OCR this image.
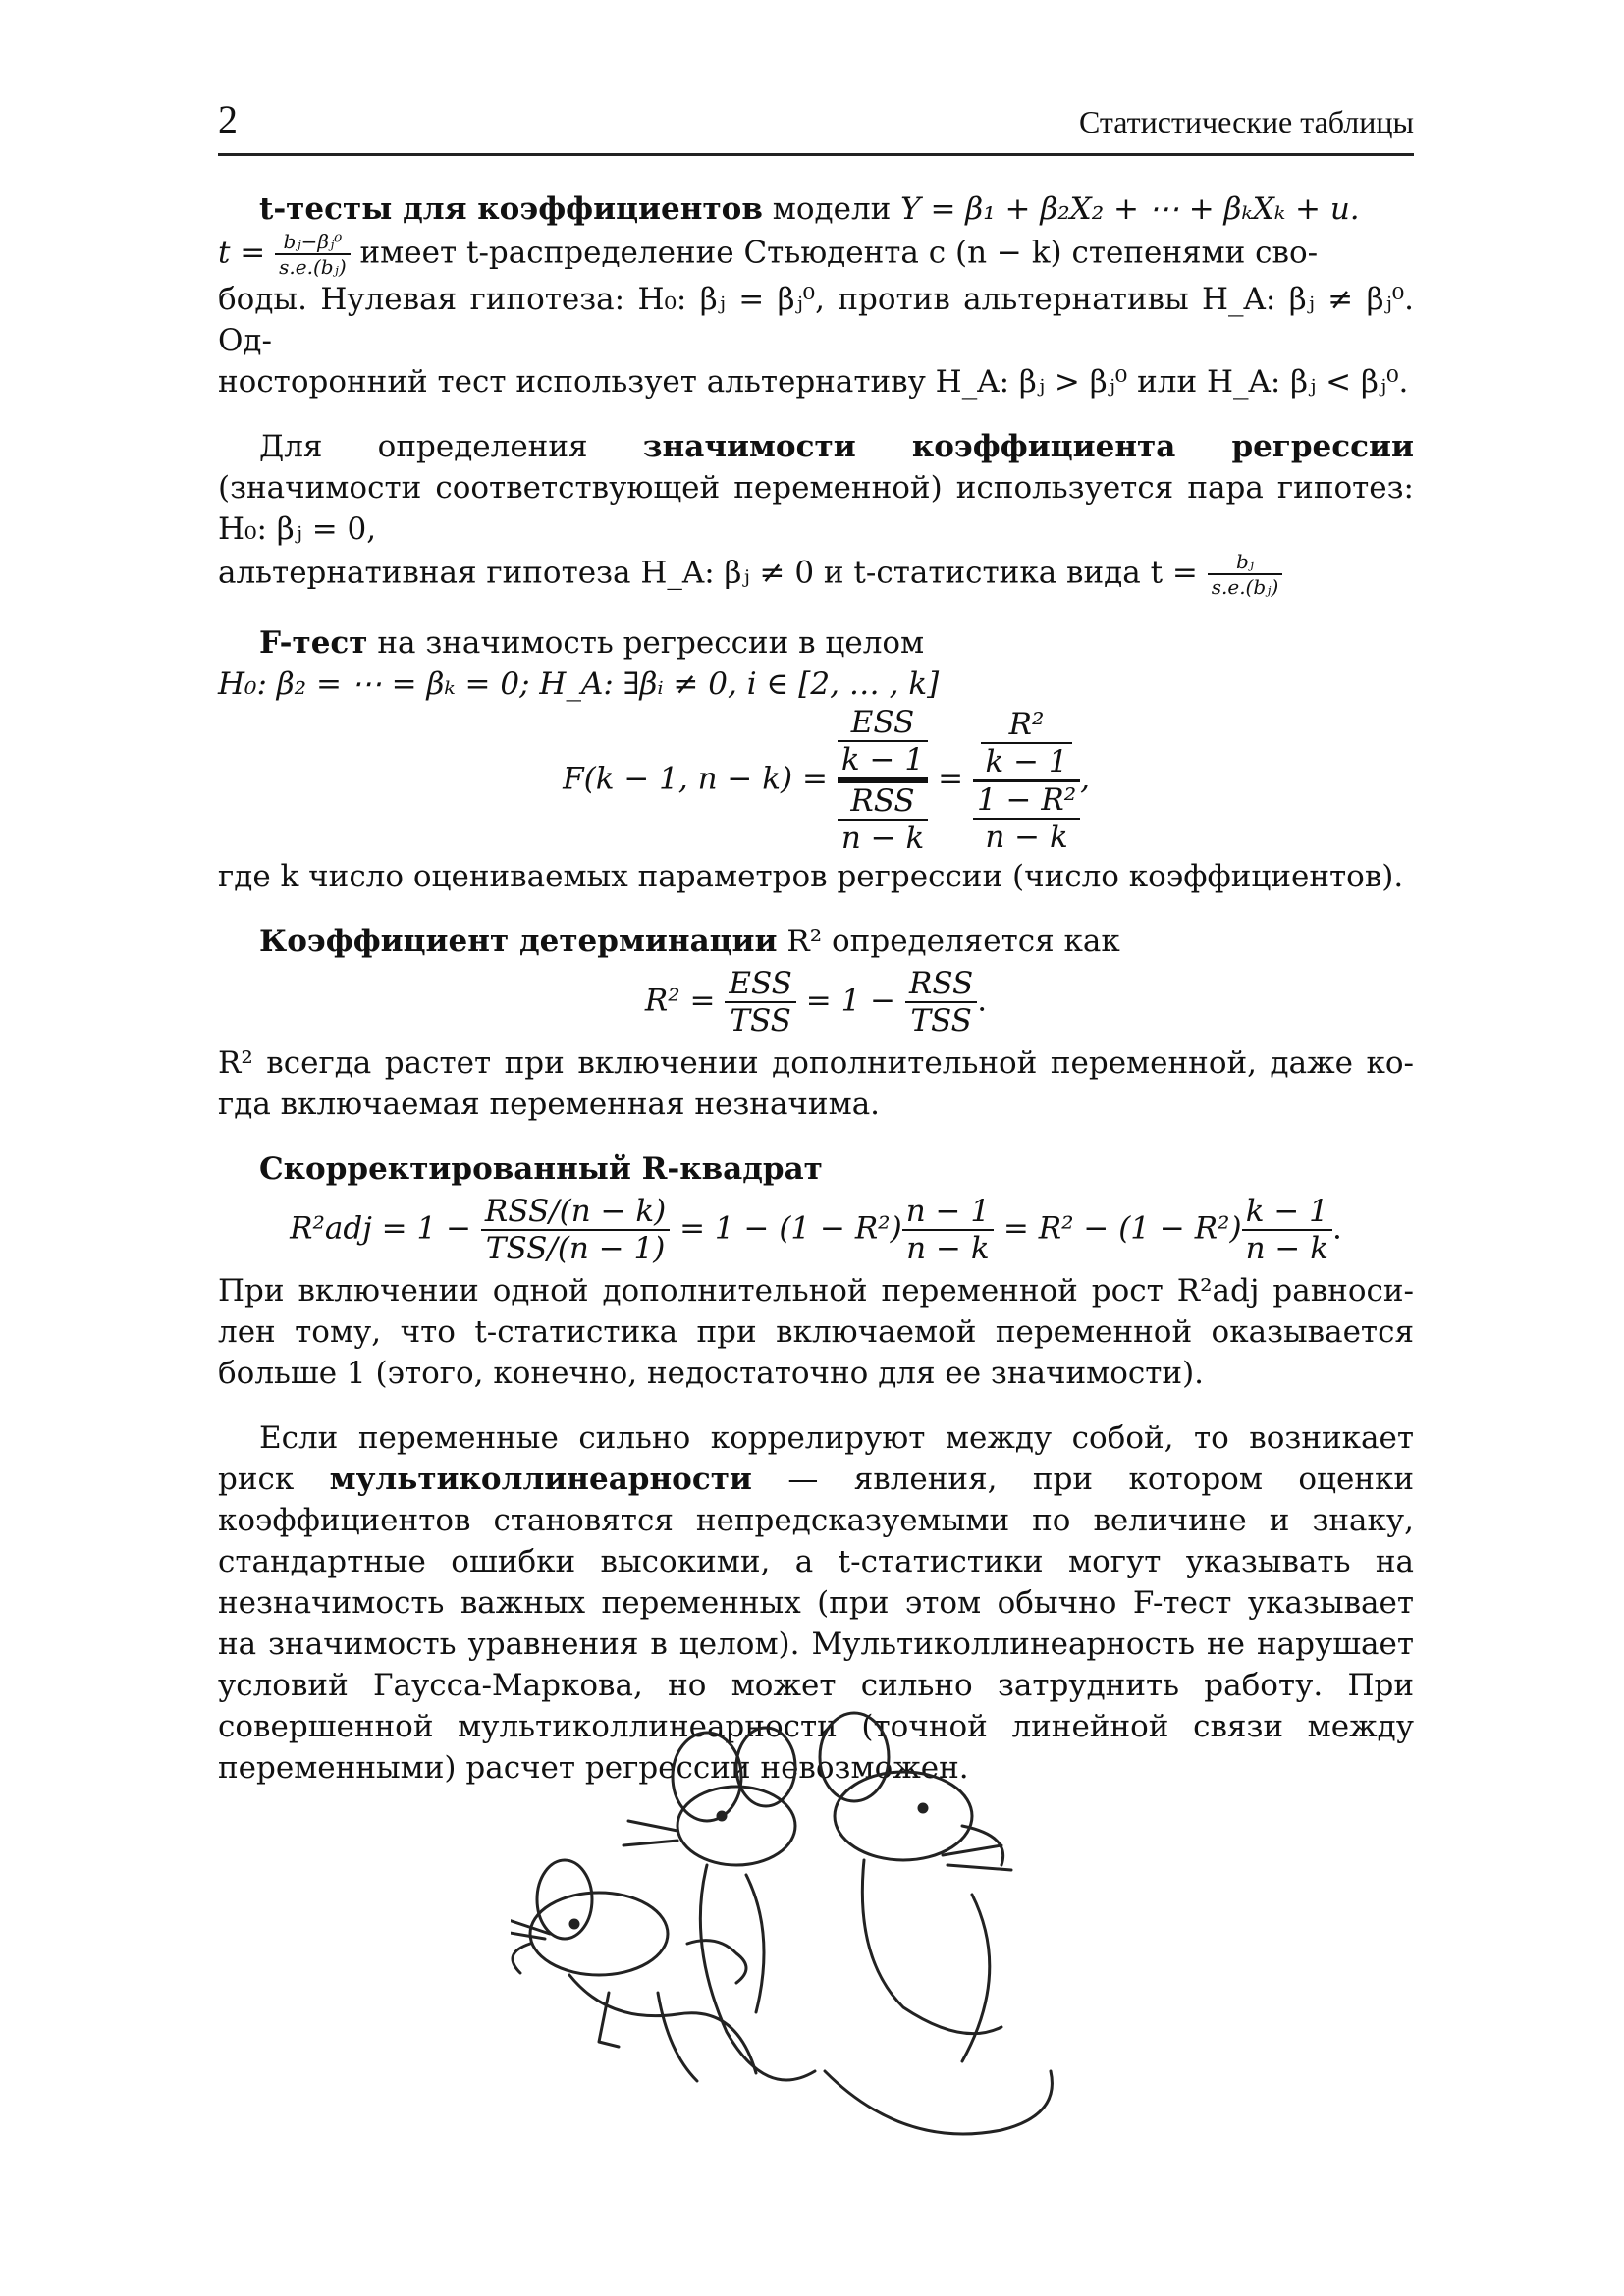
2	Статистические таблицы

t-тесты для коэффициентов модели Y = β₁ + β₂X₂ + ⋯ + βₖXₖ + u.

$t = \frac{\text{bⱼ−βⱼ⁰}}{\text{s.e.(bⱼ)}}$ имеет t-распределение Стьюдента с (n − k) степенями сво-

боды. Нулевая гипотеза: H₀: βⱼ = βⱼ⁰, против альтернативы H_A: βⱼ ≠ βⱼ⁰. Од-

носторонний тест использует альтернативу H_A: βⱼ > βⱼ⁰ или H_A: βⱼ < βⱼ⁰.

Для определения значимости коэффициента регрессии (значимости соответствующей переменной) используется пара гипотез: H₀: βⱼ = 0,

альтернативная гипотеза H_A: βⱼ ≠ 0 и t-статистика вида $t = \frac{\text{bⱼ}}{\text{s.e.(bⱼ)}}$

F-тест на значимость регрессии в целом

H₀: β₂ = ⋯ = βₖ = 0; H_A: ∃βᵢ ≠ 0, i ∈ [2, … , k]

F(k − 1, $n - k) = \frac{\text{ESS}}{k - 1}$
$\frac{\text{RSS}}{n - k}$
= $\frac{\frac{\text{R²}}{k - 1}}{\frac{\text{1 − R²}}{n - k}}$ ,

где k число оцениваемых параметров регрессии (число коэффициентов).

Коэффициент детерминации R² определяется как

$R^2 = \frac{\text{ESS}}{\text{TSS}} = 1 - \frac{\text{RSS}}{\text{TSS}}$ .

R² всегда растет при включении дополнительной переменной, даже ко-гда включаемая переменная незначима.

Скорректированный R-квадрат

$R^2adj = 1 - \frac{\text{RSS/(n − k)}}{\text{TSS/(n − 1)}} = 1 - (1 - R^2) \frac{n - 1}{n - k} = R^2 - (1 - R^2) \frac{k - 1}{n - k}$ .

При включении одной дополнительной переменной рост R²adj равноси-лен тому, что t-статистика при включаемой переменной оказывается больше 1 (этого, конечно, недостаточно для ее значимости).

Если переменные сильно коррелируют между собой, то возникает риск мультиколлинеарности — явления, при котором оценки коэффициентов становятся непредсказуемыми по величине и знаку, стандартные ошибки высокими, а t-статистики могут указывать на незначимость важных переменных (при этом обычно F-тест указывает на значимость уравнения в целом). Мультиколлинеарность не нарушает условий Гаусса-Маркова, но может сильно затруднить работу. При совершенной мультиколлинеарности (точной линейной связи между переменными) расчет регрессии невозможен.
